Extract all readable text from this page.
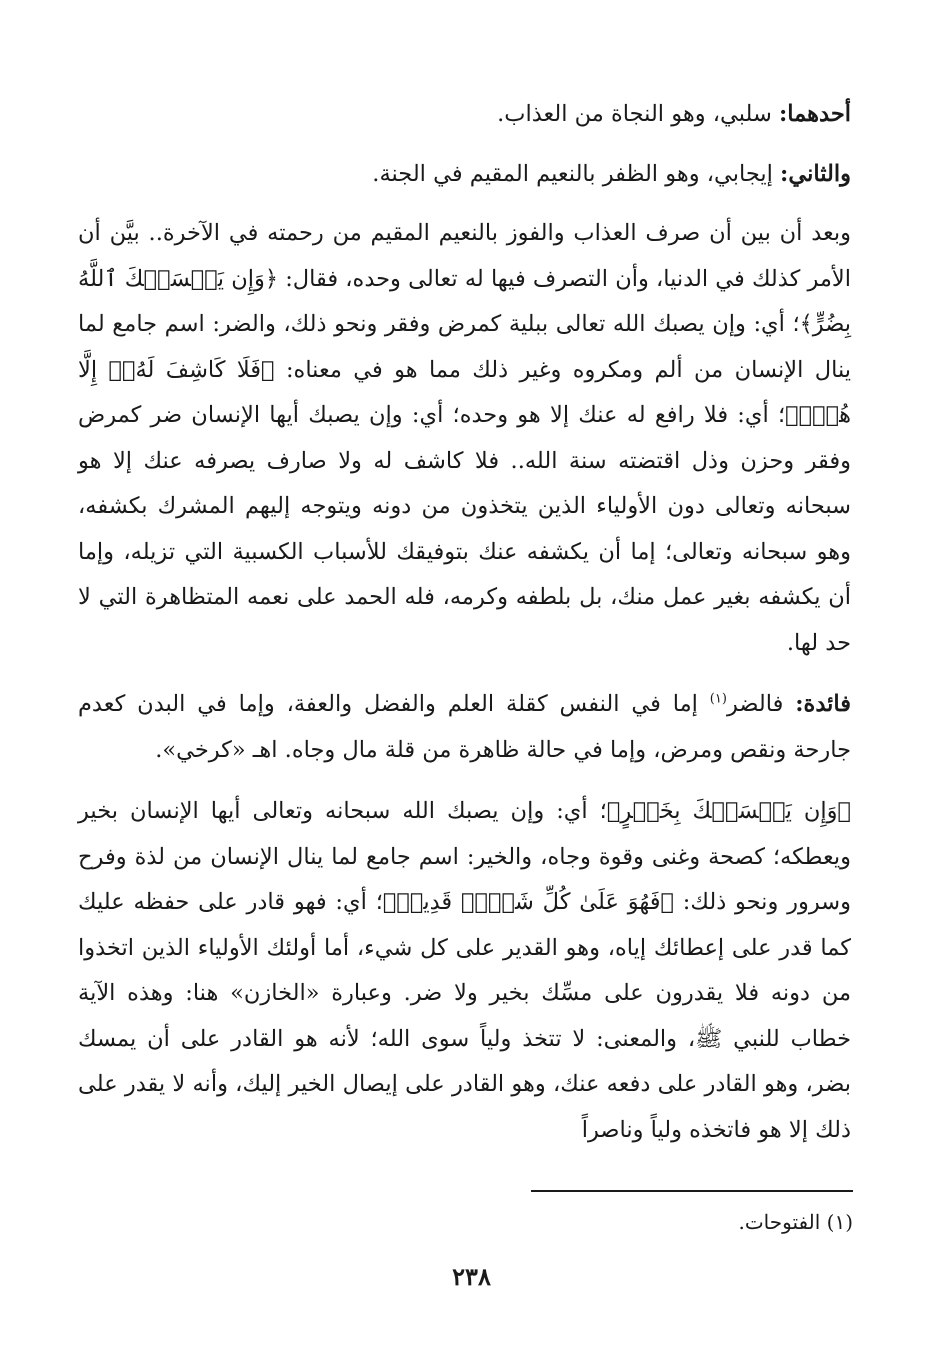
أحدهما: سلبي، وهو النجاة من العذاب.

والثاني: إيجابي، وهو الظفر بالنعيم المقيم في الجنة.

وبعد أن بين أن صرف العذاب والفوز بالنعيم المقيم من رحمته في الآخرة.. بيَّن أن الأمر كذلك في الدنيا، وأن التصرف فيها له تعالى وحده، فقال: ﴿وَإِن يَمۡسَسۡكَ ٱللَّهُ بِضُرٍّ﴾؛ أي: وإن يصبك الله تعالى ببلية كمرض وفقر ونحو ذلك، والضر: اسم جامع لما ينال الإنسان من ألم ومكروه وغير ذلك مما هو في معناه: ﴿فَلَا كَاشِفَ لَهُۥٓ إِلَّا هُوَۖ﴾؛ أي: فلا رافع له عنك إلا هو وحده؛ أي: وإن يصبك أيها الإنسان ضر كمرض وفقر وحزن وذل اقتضته سنة الله.. فلا كاشف له ولا صارف يصرفه عنك إلا هو سبحانه وتعالى دون الأولياء الذين يتخذون من دونه ويتوجه إليهم المشرك بكشفه، وهو سبحانه وتعالى؛ إما أن يكشفه عنك بتوفيقك للأسباب الكسبية التي تزيله، وإما أن يكشفه بغير عمل منك، بل بلطفه وكرمه، فله الحمد على نعمه المتظاهرة التي لا حد لها.

فائدة: فالضر$^{(١)}$ إما في النفس كقلة العلم والفضل والعفة، وإما في البدن كعدم جارحة ونقص ومرض، وإما في حالة ظاهرة من قلة مال وجاه. اهـ «كرخي».

﴿وَإِن يَمۡسَسۡكَ بِخَيۡرٍ﴾؛ أي: وإن يصبك الله سبحانه وتعالى أيها الإنسان بخير ويعطكه؛ كصحة وغنى وقوة وجاه، والخير: اسم جامع لما ينال الإنسان من لذة وفرح وسرور ونحو ذلك: ﴿فَهُوَ عَلَىٰ كُلِّ شَيۡءٖ قَدِيرٞ﴾؛ أي: فهو قادر على حفظه عليك كما قدر على إعطائك إياه، وهو القدير على كل شيء، أما أولئك الأولياء الذين اتخذوا من دونه فلا يقدرون على مسِّك بخير ولا ضر. وعبارة «الخازن» هنا: وهذه الآية خطاب للنبي ﷺ، والمعنى: لا تتخذ ولياً سوى الله؛ لأنه هو القادر على أن يمسك بضر، وهو القادر على دفعه عنك، وهو القادر على إيصال الخير إليك، وأنه لا يقدر على ذلك إلا هو فاتخذه ولياً وناصراً

(١) الفتوحات.
٢٣٨
